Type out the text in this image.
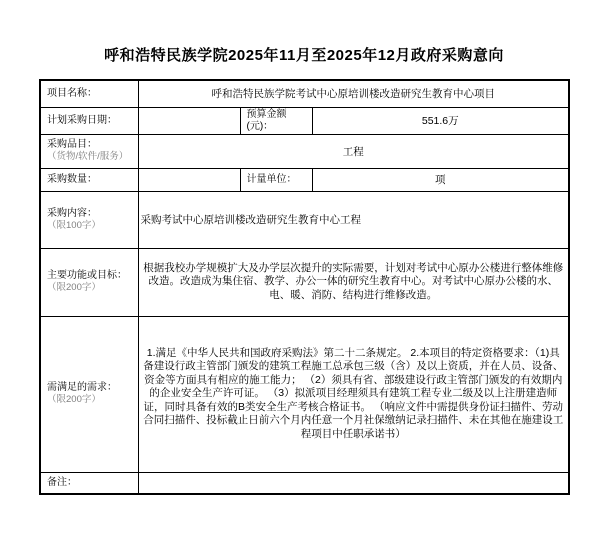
呼和浩特民族学院2025年11月至2025年12月政府采购意向
项目名称：	呼和浩特民族学院考试中心原培训楼改造研究生教育中心项目		
计划采购日期：		预算金额(元)：	551.6万

采购品目：
（货物/软件/服务）	工程		
采购数量：		计量单位：	项

采购内容：
（限100字）	采购考试中心原培训楼改造研究生教育中心工程		

主要功能或目标：
（限200字）	根据我校办学规模扩大及办学层次提升的实际需要，计划对考试中心原办公楼进行整体维修改造。改造成为集住宿、教学、办公一体的研究生教育中心。对考试中心原办公楼的水、电、暖、消防、结构进行维修改造。		

需满足的需求：
（限200字）	1.满足《中华人民共和国政府采购法》第二十二条规定。 2.本项目的特定资格要求：（1)具备建设行政主管部门颁发的建筑工程施工总承包三级（含）及以上资质，并在人员、设备、资金等方面具有相应的施工能力； （2）须具有省、部级建设行政主管部门颁发的有效期内的企业安全生产许可证。 （3）拟派项目经理须具有建筑工程专业二级及以上注册建造师证，同时具备有效的B类安全生产考核合格证书。 （响应文件中需提供身份证扫描件、劳动合同扫描件、投标截止日前六个月内任意一个月社保缴纳记录扫描件、未在其他在施建设工程项目中任职承诺书）		
备注：			
